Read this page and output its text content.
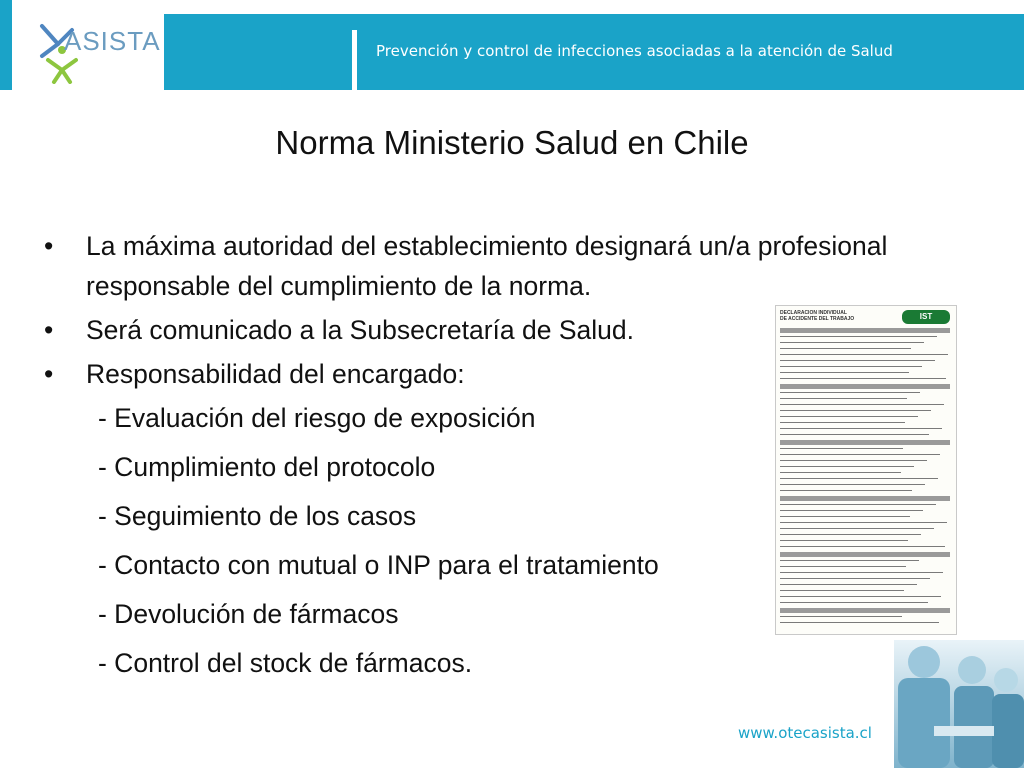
ASISTA	Prevención y control de infecciones asociadas a la atención de Salud
Norma Ministerio Salud en Chile
• La máxima autoridad del establecimiento designará un/a profesional responsable del cumplimiento de la norma.
• Será comunicado a la Subsecretaría de Salud.
• Responsabilidad del encargado:
- Evaluación del riesgo de exposición
- Cumplimiento del protocolo
- Seguimiento de los casos
- Contacto con mutual o INP para el tratamiento
- Devolución de fármacos
- Control del stock de fármacos.
DECLARACION INDIVIDUAL
DE ACCIDENTE DEL TRABAJO	IST
www.otecasista.cl
